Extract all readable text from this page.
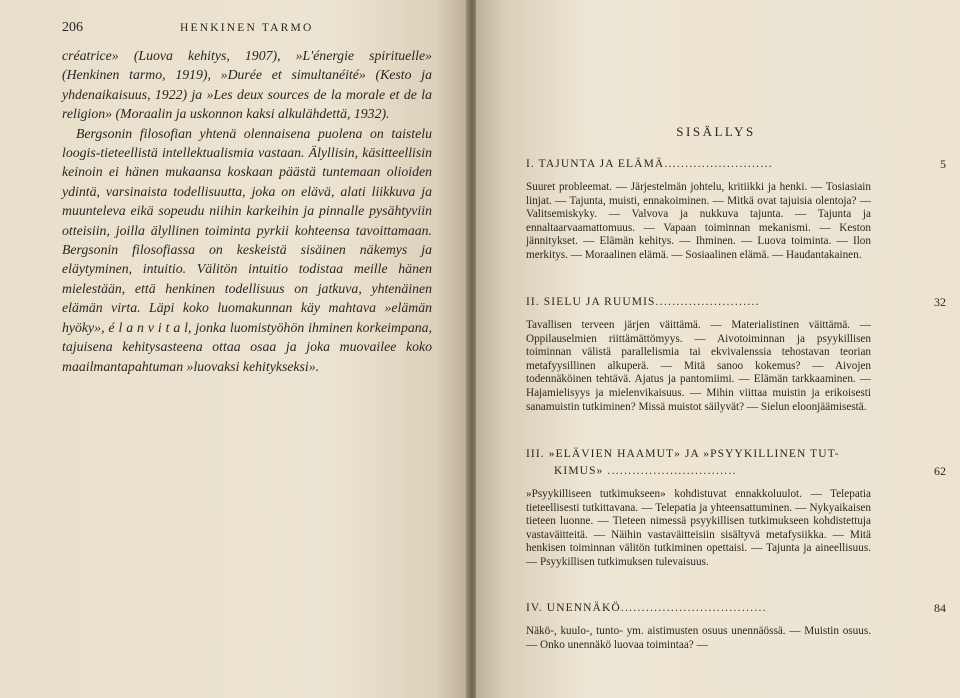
206	HENKINEN TARMO

créatrice» (Luova kehitys, 1907), »L'énergie spirituelle» (Henkinen tarmo, 1919), »Durée et simultanéité» (Kesto ja yhdenaikaisuus, 1922) ja »Les deux sources de la morale et de la religion» (Moraalin ja uskonnon kaksi alkulähdettä, 1932).

Bergsonin filosofian yhtenä olennaisena puolena on taistelu loogis-tieteellistä intellektualismia vastaan. Älyllisin, käsitteellisin keinoin ei hänen mukaansa koskaan päästä tuntemaan olioiden ydintä, varsinaista todellisuutta, joka on elävä, alati liikkuva ja muunteleva eikä sopeudu niihin karkeihin ja pinnalle pysähtyviin otteisiin, joilla älyllinen toiminta pyrkii kohteensa tavoittamaan. Bergsonin filosofiassa on keskeistä sisäinen näkemys ja eläytyminen, intuitio. Välitön intuitio todistaa meille hänen mielestään, että henkinen todellisuus on jatkuva, yhtenäinen elämän virta. Läpi koko luomakunnan käy mahtava »elämän hyöky», é l a n v i t a l, jonka luomistyöhön ihminen korkeimpana, tajuisena kehitysasteena ottaa osaa ja joka muovailee koko maailmantapahtuman »luovaksi kehitykseksi».

SISÄLLYS
I. TAJUNTA JA ELÄMÄ..........................	5
Suuret probleemat. — Järjestelmän johtelu, kritiikki ja henki. — Tosiasiain linjat. — Tajunta, muisti, ennakoiminen. — Mitkä ovat tajuisia olentoja? — Valitsemiskyky. — Valvova ja nukkuva tajunta. — Tajunta ja ennaltaarvaamattomuus. — Vapaan toiminnan mekanismi. — Keston jännitykset. — Elämän kehitys. — Ihminen. — Luova toiminta. — Ilon merkitys. — Moraalinen elämä. — Sosiaalinen elämä. — Haudantakainen.
II. SIELU JA RUUMIS.........................	32
Tavallisen terveen järjen väittämä. — Materialistinen väittämä. — Oppilauselmien riittämättömyys. — Aivotoiminnan ja psyykillisen toiminnan välistä parallelismia tai ekvivalenssia tehostavan teorian metafyysillinen alkuperä. — Mitä sanoo kokemus? — Aivojen todennäköinen tehtävä. Ajatus ja pantomiimi. — Elämän tarkkaaminen. — Hajamielisyys ja mielenvikaisuus. — Mihin viittaa muistin ja erikoisesti sanamuistin tutkiminen? Missä muistot säilyvät? — Sielun eloonjäämisestä.
III. »ELÄVIEN HAAMUT» JA »PSYYKILLINEN TUT-
KIMUS» ...............................	62
»Psyykilliseen tutkimukseen» kohdistuvat ennakkoluulot. — Telepatia tieteellisesti tutkittavana. — Telepatia ja yhteensattuminen. — Nykyaikaisen tieteen luonne. — Tieteen nimessä psyykillisen tutkimukseen kohdistettuja vastaväitteitä. — Näihin vastaväitteisiin sisältyvä metafysiikka. — Mitä henkisen toiminnan välitön tutkiminen opettaisi. — Tajunta ja aineellisuus. — Psyykillisen tutkimuksen tulevaisuus.
IV. UNENNÄKÖ...................................	84
Näkö-, kuulo-, tunto- ym. aistimusten osuus unennäössä. — Muistin osuus. — Onko unennäkö luovaa toimintaa? —
